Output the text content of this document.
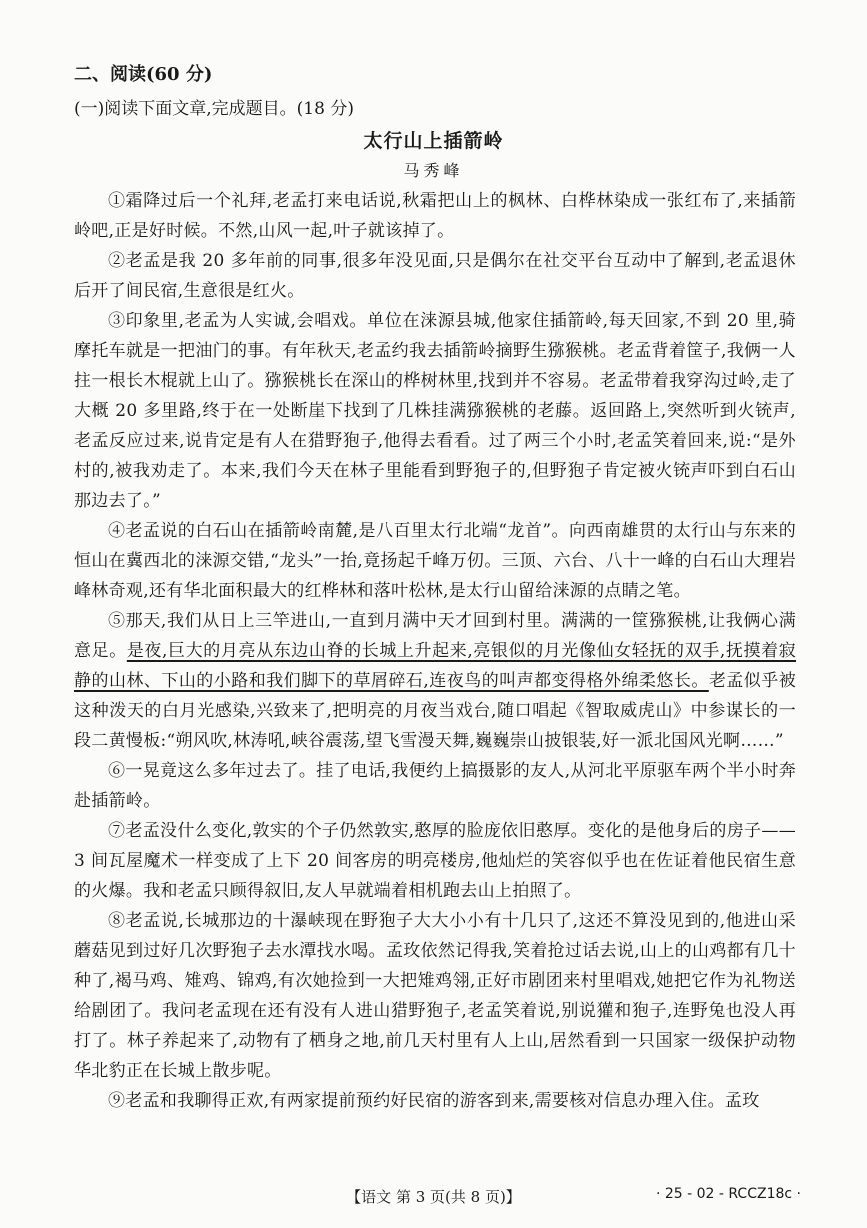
二、阅读(60 分)
(一)阅读下面文章,完成题目。(18 分)
太行山上插箭岭
马秀峰

①霜降过后一个礼拜,老孟打来电话说,秋霜把山上的枫林、白桦林染成一张红布了,来插箭岭吧,正是好时候。不然,山风一起,叶子就该掉了。

②老孟是我 20 多年前的同事,很多年没见面,只是偶尔在社交平台互动中了解到,老孟退休后开了间民宿,生意很是红火。

③印象里,老孟为人实诚,会唱戏。单位在涞源县城,他家住插箭岭,每天回家,不到 20 里,骑摩托车就是一把油门的事。有年秋天,老孟约我去插箭岭摘野生猕猴桃。老孟背着筐子,我俩一人拄一根长木棍就上山了。猕猴桃长在深山的桦树林里,找到并不容易。老孟带着我穿沟过岭,走了大概 20 多里路,终于在一处断崖下找到了几株挂满猕猴桃的老藤。返回路上,突然听到火铳声,老孟反应过来,说肯定是有人在猎野狍子,他得去看看。过了两三个小时,老孟笑着回来,说:“是外村的,被我劝走了。本来,我们今天在林子里能看到野狍子的,但野狍子肯定被火铳声吓到白石山那边去了。”

④老孟说的白石山在插箭岭南麓,是八百里太行北端“龙首”。向西南雄贯的太行山与东来的恒山在冀西北的涞源交错,“龙头”一抬,竟扬起千峰万仞。三顶、六台、八十一峰的白石山大理岩峰林奇观,还有华北面积最大的红桦林和落叶松林,是太行山留给涞源的点睛之笔。

⑤那天,我们从日上三竿进山,一直到月满中天才回到村里。满满的一筐猕猴桃,让我俩心满意足。是夜,巨大的月亮从东边山脊的长城上升起来,亮银似的月光像仙女轻抚的双手,抚摸着寂静的山林、下山的小路和我们脚下的草屑碎石,连夜鸟的叫声都变得格外绵柔悠长。老孟似乎被这种泼天的白月光感染,兴致来了,把明亮的月夜当戏台,随口唱起《智取威虎山》中参谋长的一段二黄慢板:“朔风吹,林涛吼,峡谷震荡,望飞雪漫天舞,巍巍崇山披银装,好一派北国风光啊……”

⑥一晃竟这么多年过去了。挂了电话,我便约上搞摄影的友人,从河北平原驱车两个半小时奔赴插箭岭。

⑦老孟没什么变化,敦实的个子仍然敦实,憨厚的脸庞依旧憨厚。变化的是他身后的房子——3 间瓦屋魔术一样变成了上下 20 间客房的明亮楼房,他灿烂的笑容似乎也在佐证着他民宿生意的火爆。我和老孟只顾得叙旧,友人早就端着相机跑去山上拍照了。

⑧老孟说,长城那边的十瀑峡现在野狍子大大小小有十几只了,这还不算没见到的,他进山采蘑菇见到过好几次野狍子去水潭找水喝。孟玫依然记得我,笑着抢过话去说,山上的山鸡都有几十种了,褐马鸡、雉鸡、锦鸡,有次她捡到一大把雉鸡翎,正好市剧团来村里唱戏,她把它作为礼物送给剧团了。我问老孟现在还有没有人进山猎野狍子,老孟笑着说,别说獾和狍子,连野兔也没人再打了。林子养起来了,动物有了栖身之地,前几天村里有人上山,居然看到一只国家一级保护动物华北豹正在长城上散步呢。

⑨老孟和我聊得正欢,有两家提前预约好民宿的游客到来,需要核对信息办理入住。孟玫

【语文 第 3 页(共 8 页)】	· 25 - 02 - RCCZ18c ·
